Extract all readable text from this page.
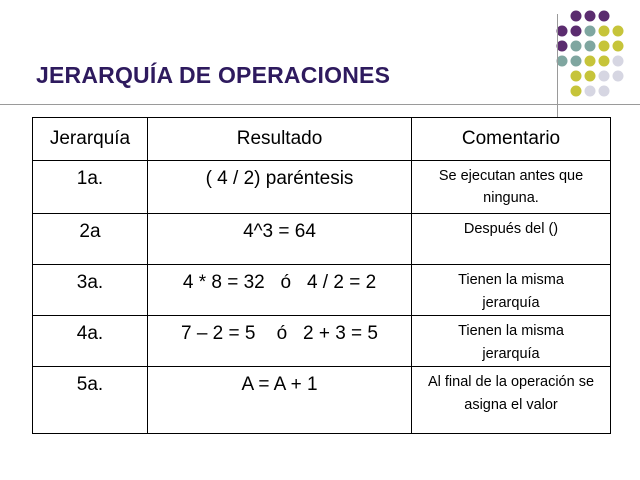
JERARQUÍA DE OPERACIONES
Jerarquía	Resultado	Comentario

1a.	( 4 / 2) paréntesis	Se ejecutan antes que ninguna.

2a	4^3 = 64	Después del ()

3a.	4 * 8 = 32   ó   4 / 2 = 2	Tienen la misma jerarquía

4a.	7 – 2 = 5    ó   2 + 3 = 5	Tienen la misma jerarquía

5a.	A = A + 1	Al final de la operación se asigna el valor
